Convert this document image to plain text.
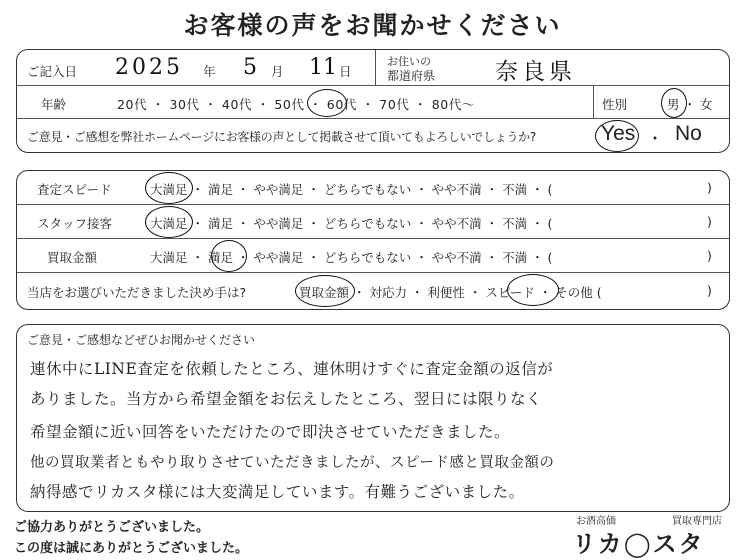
お客様の声をお聞かせください
ご記入日 2025 年 5 月 11 日
お住いの
都道府県	奈良県
年齢	20代 ・ 30代 ・ 40代 ・ 50代 ・ 60代 ・ 70代 ・ 80代〜	性別	男 ・ 女
ご意見・ご感想を弊社ホームページにお客様の声として掲載させて頂いてもよろしいでしょうか?	Yes ・ No
査定スピード	大満足 ・ 満足 ・ やや満足 ・ どちらでもない ・ やや不満 ・ 不満 ・ (	)
スタッフ接客	大満足 ・ 満足 ・ やや満足 ・ どちらでもない ・ やや不満 ・ 不満 ・ (	)
買取金額	大満足 ・ 満足 ・ やや満足 ・ どちらでもない ・ やや不満 ・ 不満 ・ (	)
当店をお選びいただきました決め手は?	買取金額 ・ 対応力 ・ 利便性 ・ スピード ・ その他 (	)
ご意見・ご感想などぜひお聞かせください
連休中にLINE査定を依頼したところ、連休明けすぐに査定金額の返信が
ありました。当方から希望金額をお伝えしたところ、翌日には限りなく
希望金額に近い回答をいただけたので即決させていただきました。
他の買取業者ともやり取りさせていただきましたが、スピード感と買取金額の
納得感でリカスタ様には大変満足しています。有難うございました。
ご協力ありがとうございました。
この度は誠にありがとうございました。
お酒高価	買取専門店
リカ◯スタ
